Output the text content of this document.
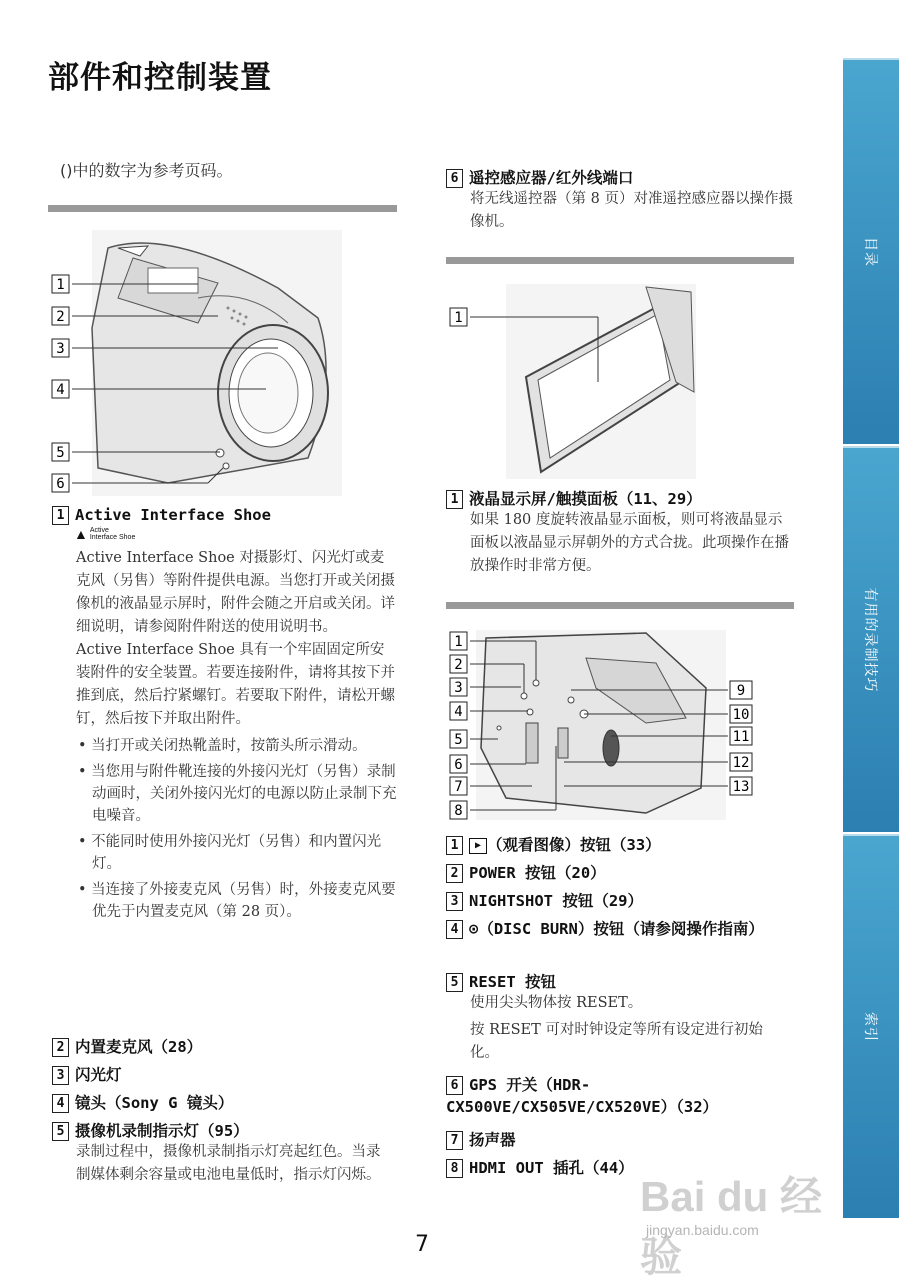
部件和控制装置
()中的数字为参考页码。
1
2
3
4
5
6
1
1
2
3
4
5
6
7
8
9
10
11
12
13
1 Active Interface Shoe
▲ Active
Interface Shoe
Active Interface Shoe 对摄影灯、闪光灯或麦克风（另售）等附件提供电源。当您打开或关闭摄像机的液晶显示屏时，附件会随之开启或关闭。详细说明，请参阅附件附送的使用说明书。
Active Interface Shoe 具有一个牢固固定所安装附件的安全装置。若要连接附件，请将其按下并推到底，然后拧紧螺钉。若要取下附件，请松开螺钉，然后按下并取出附件。
• 当打开或关闭热靴盖时，按箭头所示滑动。
• 当您用与附件靴连接的外接闪光灯（另售）录制动画时，关闭外接闪光灯的电源以防止录制下充电噪音。
• 不能同时使用外接闪光灯（另售）和内置闪光灯。
• 当连接了外接麦克风（另售）时，外接麦克风要优先于内置麦克风（第 28 页）。
2 内置麦克风（28）
3 闪光灯
4 镜头（Sony G 镜头）
5 摄像机录制指示灯（95）
录制过程中，摄像机录制指示灯亮起红色。当录制媒体剩余容量或电池电量低时，指示灯闪烁。
6 遥控感应器/红外线端口
将无线遥控器（第 8 页）对准遥控感应器以操作摄像机。
1 液晶显示屏/触摸面板（11、29）
如果 180 度旋转液晶显示面板，则可将液晶显示面板以液晶显示屏朝外的方式合拢。此项操作在播放操作时非常方便。
1 ▶ （观看图像）按钮（33）
2 POWER 按钮（20）
3 NIGHTSHOT 按钮（29）
4 ⊙（DISC BURN）按钮（请参阅操作指南）
5 RESET 按钮
使用尖头物体按 RESET。
按 RESET 可对时钟设定等所有设定进行初始化。
6 GPS 开关（HDR-CX500VE/CX505VE/CX520VE）（32）
7 扬声器
8 HDMI OUT 插孔（44）
目录
有用的录制技巧
索引
7
Bai du 经验
jingyan.baidu.com
